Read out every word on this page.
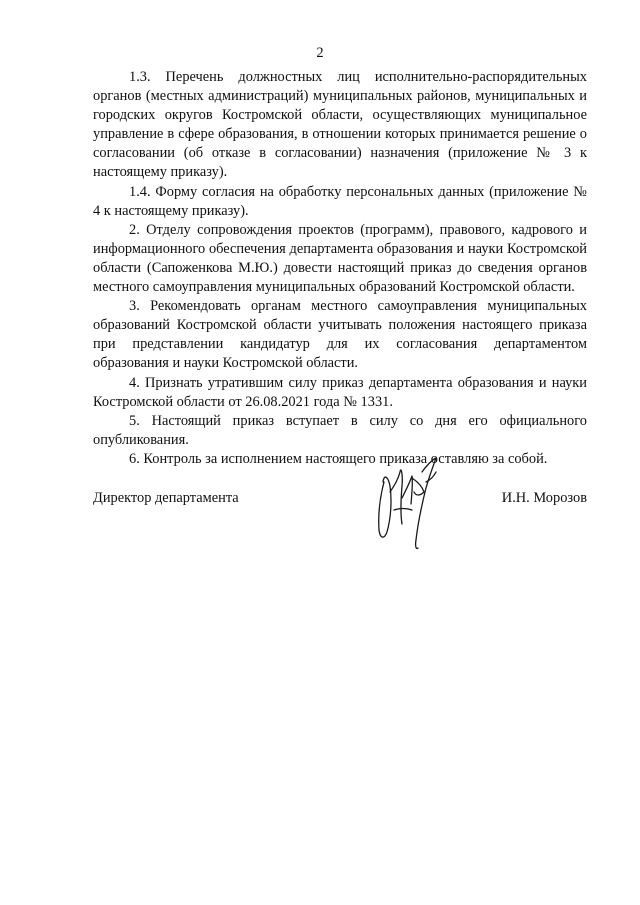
2

1.3. Перечень должностных лиц исполнительно-распорядительных органов (местных администраций) муниципальных районов, муниципальных и городских округов Костромской области, осуществляющих муниципальное управление в сфере образования, в отношении которых принимается решение о согласовании (об отказе в согласовании) назначения (приложение № 3 к настоящему приказу).

1.4. Форму согласия на обработку персональных данных (приложение № 4 к настоящему приказу).

2. Отделу сопровождения проектов (программ), правового, кадрового и информационного обеспечения департамента образования и науки Костромской области (Сапоженкова М.Ю.) довести настоящий приказ до сведения органов местного самоуправления муниципальных образований Костромской области.

3. Рекомендовать органам местного самоуправления муниципальных образований Костромской области учитывать положения настоящего приказа при представлении кандидатур для их согласования департаментом образования и науки Костромской области.

4. Признать утратившим силу приказ департамента образования и науки Костромской области от 26.08.2021 года № 1331.

5. Настоящий приказ вступает в силу со дня его официального опубликования.

6. Контроль за исполнением настоящего приказа оставляю за собой.

Директор департамента	И.Н. Морозов
